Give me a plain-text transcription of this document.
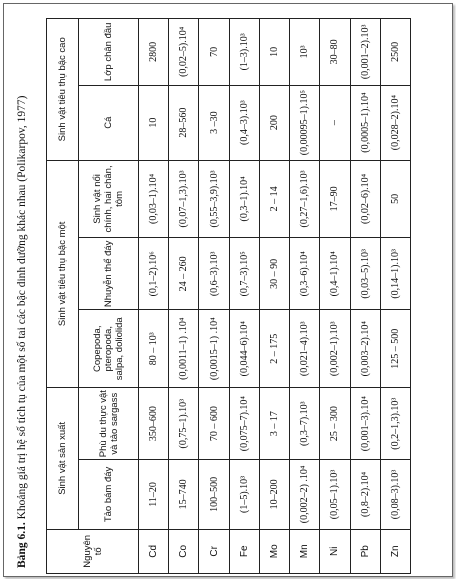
Bảng 6.1. Khoảng giá trị hệ số tích tụ của một số tai các bậc dinh dưỡng khác nhau (Polikarpov, 1977)
Nguyên tố	Sinh vật sản xuất		Sinh vật tiêu thụ bậc một			Sinh vật tiêu thụ bậc cao	
	Tảo bám đáy	Phù du thực vật và tảo sargass	Copepoda, pteropoda, salpa, doliolida	Nhuyễn thể đáy	Sinh vật nổi chính, hai chân, tôm	Cá	Lớp chân đầu
Cd	11–20	350–600	80 – 10³	(0,1–2).10⁶	(0,03–1).10⁴	10	2800
Co	15–740	(0,75–1).10³	(0,0011–1) .10⁴	24 – 260	(0,07–1,3).10³	28–560	(0,02–5).10⁴
Cr	100–500	70 – 600	(0,0015–1) .10⁴	(0,6–3).10³	(0,55–3,9).10³	3 –30	70
Fe	(1–5).10³	(0,075–7).10⁴	(0,044–6).10⁴	(0,7–3).10⁵	(0,3–1).10⁴	(0,4–3).10³	(1–3).10³
Mo	10–200	3 – 17	2 – 175	30 – 90	2 – 14	200	10
Mn	(0,002–2) .10⁴	(0,3–7).10³	(0,021–4).10³	(0,3–6).10⁴	(0,27–1,6).10³	(0,00095–1).10⁵	10³
Ni	(0,05–1).10³	25 – 300	(0,002–1).10³	(0,4–1).10⁴	17–90	–	30–80
Pb	(0,8–2).10⁴	(0,001–3).10⁴	(0,003–2).10⁴	(0,03–5).10³	(0,02–6).10⁴	(0,0005–1).10⁴	(0,001–2).10³
Zn	(0,08–3).10³	(0,2–1,3).10³	125 – 500	(0,14–1).10³	50	(0,028–2).10⁴	2500
